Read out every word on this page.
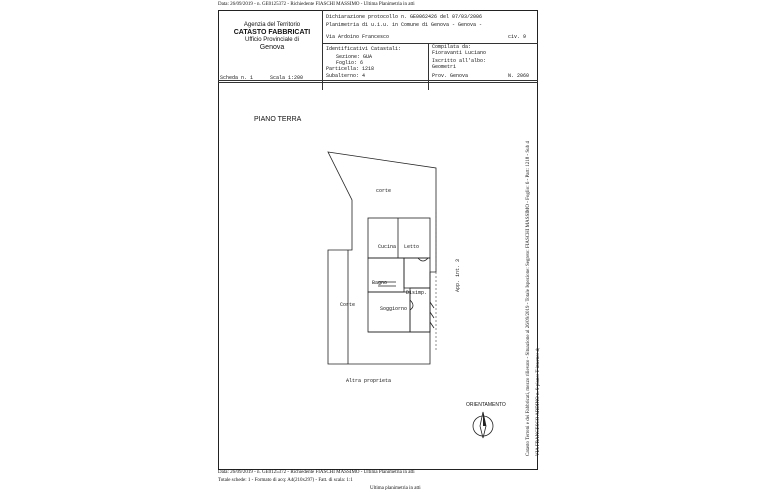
Data: 26/09/2019 - n. GE0125372 - Richiedente FIASCHI MASSIMO - Ultima Planimetria in atti
Agenzia del Territorio
CATASTO FABBRICATI
Ufficio Provinciale di
Genova
Dichiarazione protocollo n. GE0062426 del 07/03/2006
Planimetria di u.i.u. in Comune di Genova - Genova -
Via Ardoino Francesco	civ. 9
Identificativi Catastali:
Sezione: GUA
Foglio: 6
Particella: 1218
Subalterno: 4
Compilata da:
Fioravanti Luciano
Iscritto all'albo:
Geometri
Prov. Genova	N. 2060
Scheda n. 1	Scala 1:200
PIANO TERRA
corte
Cucina Letto
Bagno
Soggiorno
Disimp.
Corte
App. int. 3
Altra proprieta
ORIENTAMENTO	Catasto Terreni e dei Fabbricati, mezzo rilievato - Situazione al 26/09/2019 - Totale Ispezione: Segreto: FIASCHI MASSIMO - Foglio: 6 - Part: 1218 - Sub 4 VIA FRANCESCO ARDINO n. 9 piano: T interno: 4;
Data: 26/09/2019 - n. GE0125372 - Richiedente FIASCHI MASSIMO - Ultima Planimetria in atti
Totale schede: 1 - Formato di acq: A4(210x297) - Fatt. di scala: 1:1
Ultima planimetria in atti
